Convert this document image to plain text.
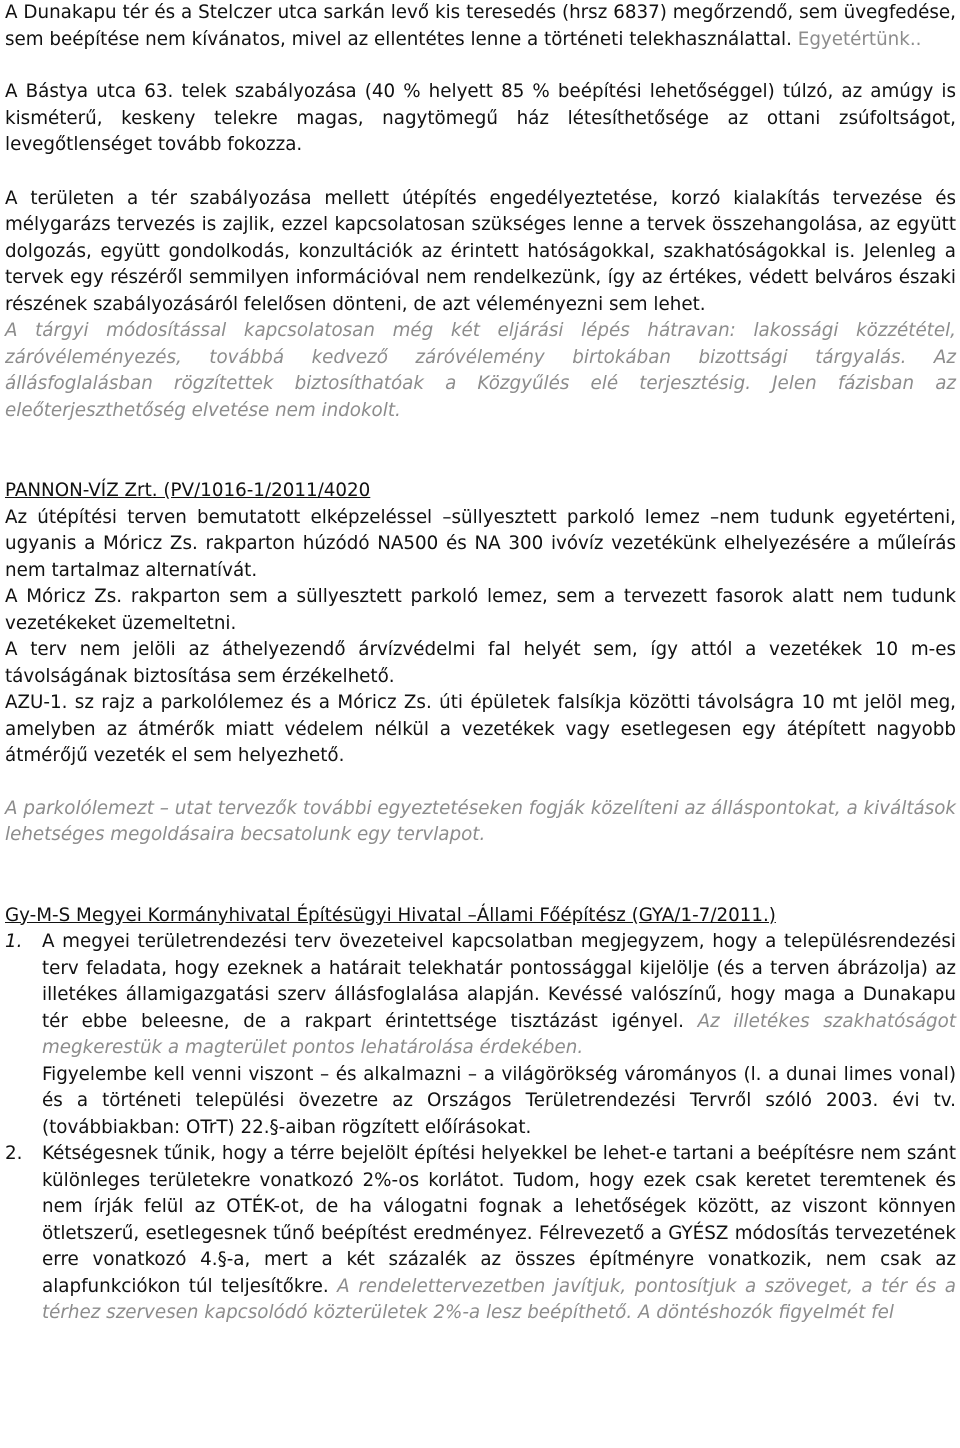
A Dunakapu tér és a Stelczer utca sarkán levő kis teresedés (hrsz 6837) megőrzendő, sem üvegfedése, sem beépítése nem kívánatos, mivel az ellentétes lenne a történeti telekhasználattal. Egyetértünk..

A Bástya utca 63. telek szabályozása (40 % helyett 85 % beépítési lehetőséggel) túlzó, az amúgy is kisméterű, keskeny telekre magas, nagytömegű ház létesíthetősége az ottani zsúfoltságot, levegőtlenséget tovább fokozza.

A területen a tér szabályozása mellett útépítés engedélyeztetése, korzó kialakítás tervezése és mélygarázs tervezés is zajlik, ezzel kapcsolatosan szükséges lenne a tervek összehangolása, az együtt dolgozás, együtt gondolkodás, konzultációk az érintett hatóságokkal, szakhatóságokkal is. Jelenleg a tervek egy részéről semmilyen információval nem rendelkezünk, így az értékes, védett belváros északi részének szabályozásáról felelősen dönteni, de azt véleményezni sem lehet.

A tárgyi módosítással kapcsolatosan még két eljárási lépés hátravan: lakossági közzététel, záróvéleményezés, továbbá kedvező záróvélemény birtokában bizottsági tárgyalás. Az állásfoglalásban rögzítettek biztosíthatóak a Közgyűlés elé terjesztésig. Jelen fázisban az eleőterjeszthetőség elvetése nem indokolt.

PANNON-VÍZ Zrt. (PV/1016-1/2011/4020

Az útépítési terven bemutatott elképzeléssel –süllyesztett parkoló lemez –nem tudunk egyetérteni, ugyanis a Móricz Zs. rakparton húzódó NA500 és NA 300 ivóvíz vezetékünk elhelyezésére a műleírás nem tartalmaz alternatívát.

A Móricz Zs. rakparton sem a süllyesztett parkoló lemez, sem a tervezett fasorok alatt nem tudunk vezetékeket üzemeltetni.

A terv nem jelöli az áthelyezendő árvízvédelmi fal helyét sem, így attól a vezetékek 10 m-es távolságának biztosítása sem érzékelhető.

AZU-1. sz rajz a parkolólemez és a Móricz Zs. úti épületek falsíkja közötti távolságra 10 mt jelöl meg, amelyben az átmérők miatt védelem nélkül a vezetékek vagy esetlegesen egy átépített nagyobb átmérőjű vezeték el sem helyezhető.

A parkolólemezt – utat tervezők további egyeztetéseken fogják közelíteni az álláspontokat, a kiváltások lehetséges megoldásaira becsatolunk egy tervlapot.

Gy-M-S Megyei Kormányhivatal Építésügyi Hivatal –Állami Főépítész (GYA/1-7/2011.)

1.	A megyei területrendezési terv övezeteivel kapcsolatban megjegyzem, hogy a településrendezési terv feladata, hogy ezeknek a határait telekhatár pontossággal kijelölje (és a terven ábrázolja) az illetékes államigazgatási szerv állásfoglalása alapján. Kevéssé valószínű, hogy maga a Dunakapu tér ebbe beleesne, de a rakpart érintettsége tisztázást igényel. Az illetékes szakhatóságot megkerestük a magterület pontos lehatárolása érdekében.

Figyelembe kell venni viszont – és alkalmazni – a világörökség várományos (l. a dunai limes vonal) és a történeti települési övezetre az Országos Területrendezési Tervről szóló 2003. évi tv. (továbbiakban: OTrT) 22.§-aiban rögzített előírásokat.

2.	Kétségesnek tűnik, hogy a térre bejelölt építési helyekkel be lehet-e tartani a beépítésre nem szánt különleges területekre vonatkozó 2%-os korlátot. Tudom, hogy ezek csak keretet teremtenek és nem írják felül az OTÉK-ot, de ha válogatni fognak a lehetőségek között, az viszont könnyen ötletszerű, esetlegesnek tűnő beépítést eredményez. Félrevezető a GYÉSZ módosítás tervezetének erre vonatkozó 4.§-a, mert a két százalék az összes építményre vonatkozik, nem csak az alapfunkciókon túl teljesítőkre. A rendelettervezetben javítjuk, pontosítjuk a szöveget, a tér és a térhez szervesen kapcsolódó közterületek 2%-a lesz beépíthető. A döntéshozók figyelmét fel
